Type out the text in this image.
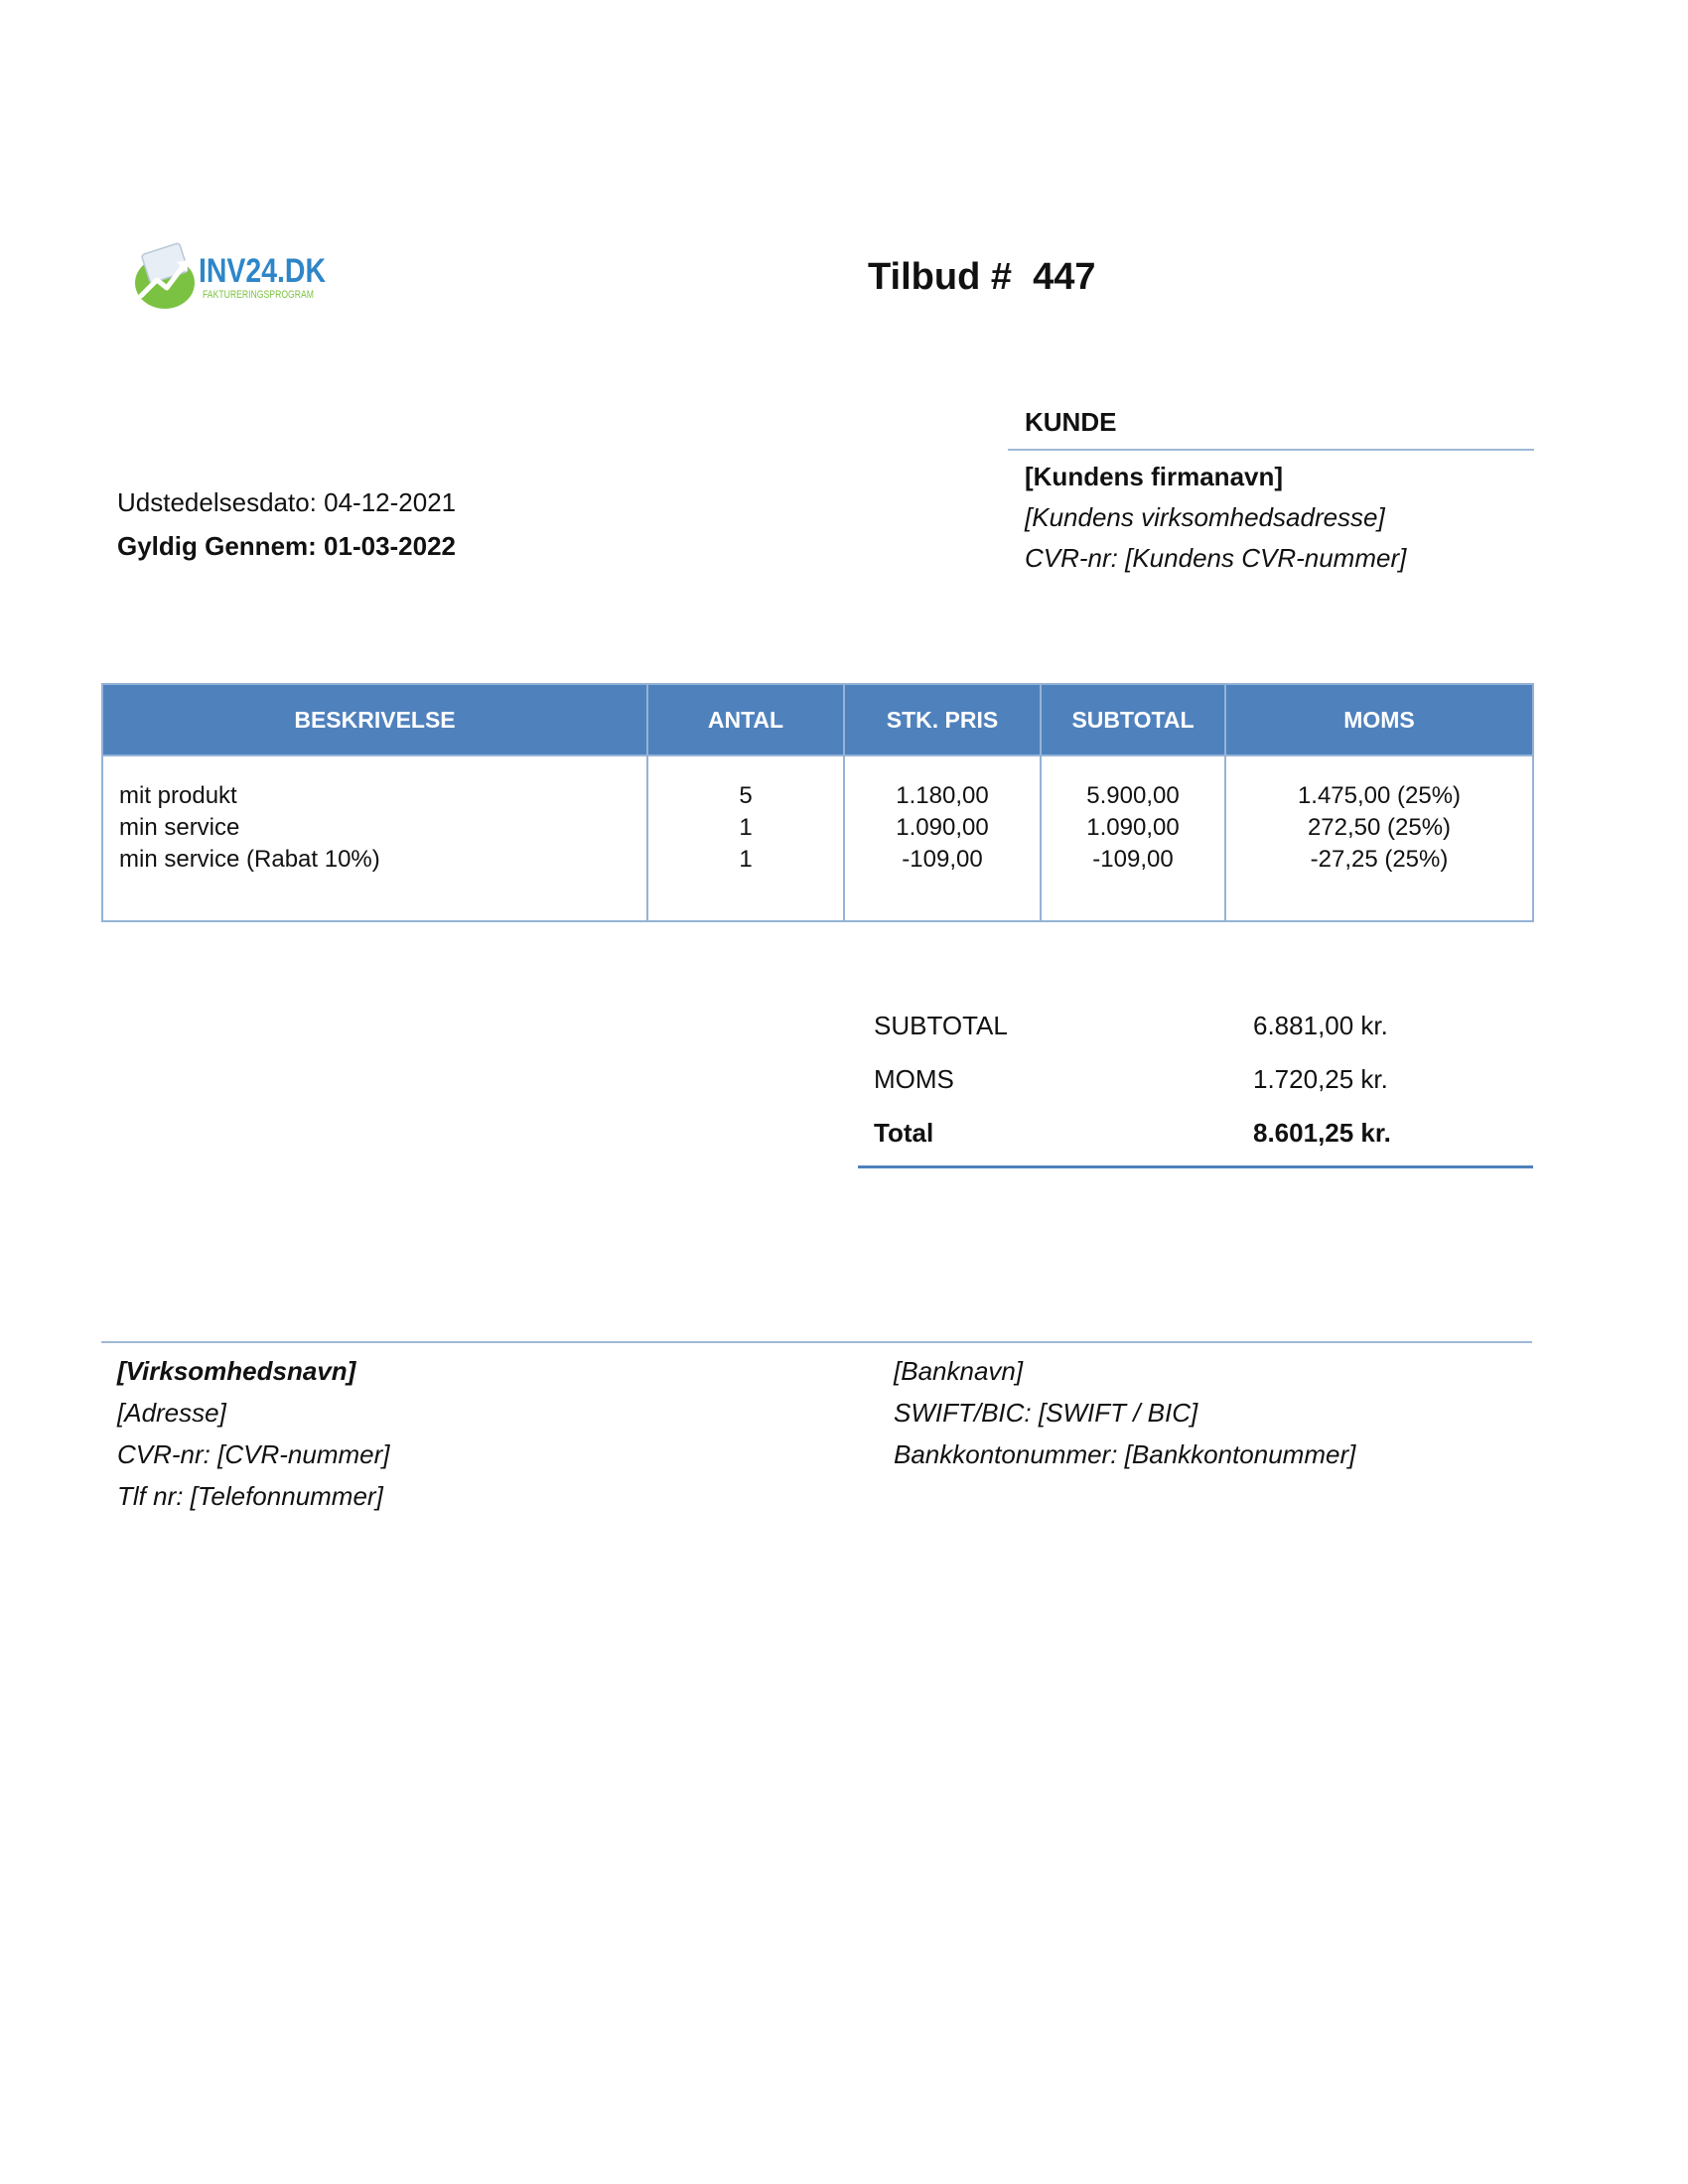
INV24.DK
FAKTURERINGSPROGRAM	Tilbud #  447
KUNDE
[Kundens firmanavn]
[Kundens virksomhedsadresse]
CVR-nr: [Kundens CVR-nummer]
Udstedelsesdato: 04-12-2021
Gyldig Gennem: 01-03-2022
BESKRIVELSE	ANTAL	STK. PRIS	SUBTOTAL	MOMS

mit produkt	5	1.180,00	5.900,00	1.475,00 (25%)
min service	1	1.090,00	1.090,00	272,50 (25%)
min service (Rabat 10%)	1	-109,00	-109,00	-27,25 (25%)

SUBTOTAL	6.881,00 kr.
MOMS	1.720,25 kr.
Total	8.601,25 kr.
[Virksomhedsnavn]
[Adresse]
CVR-nr: [CVR-nummer]
Tlf nr: [Telefonnummer]
[Banknavn]
SWIFT/BIC: [SWIFT / BIC]
Bankkontonummer: [Bankkontonummer]
